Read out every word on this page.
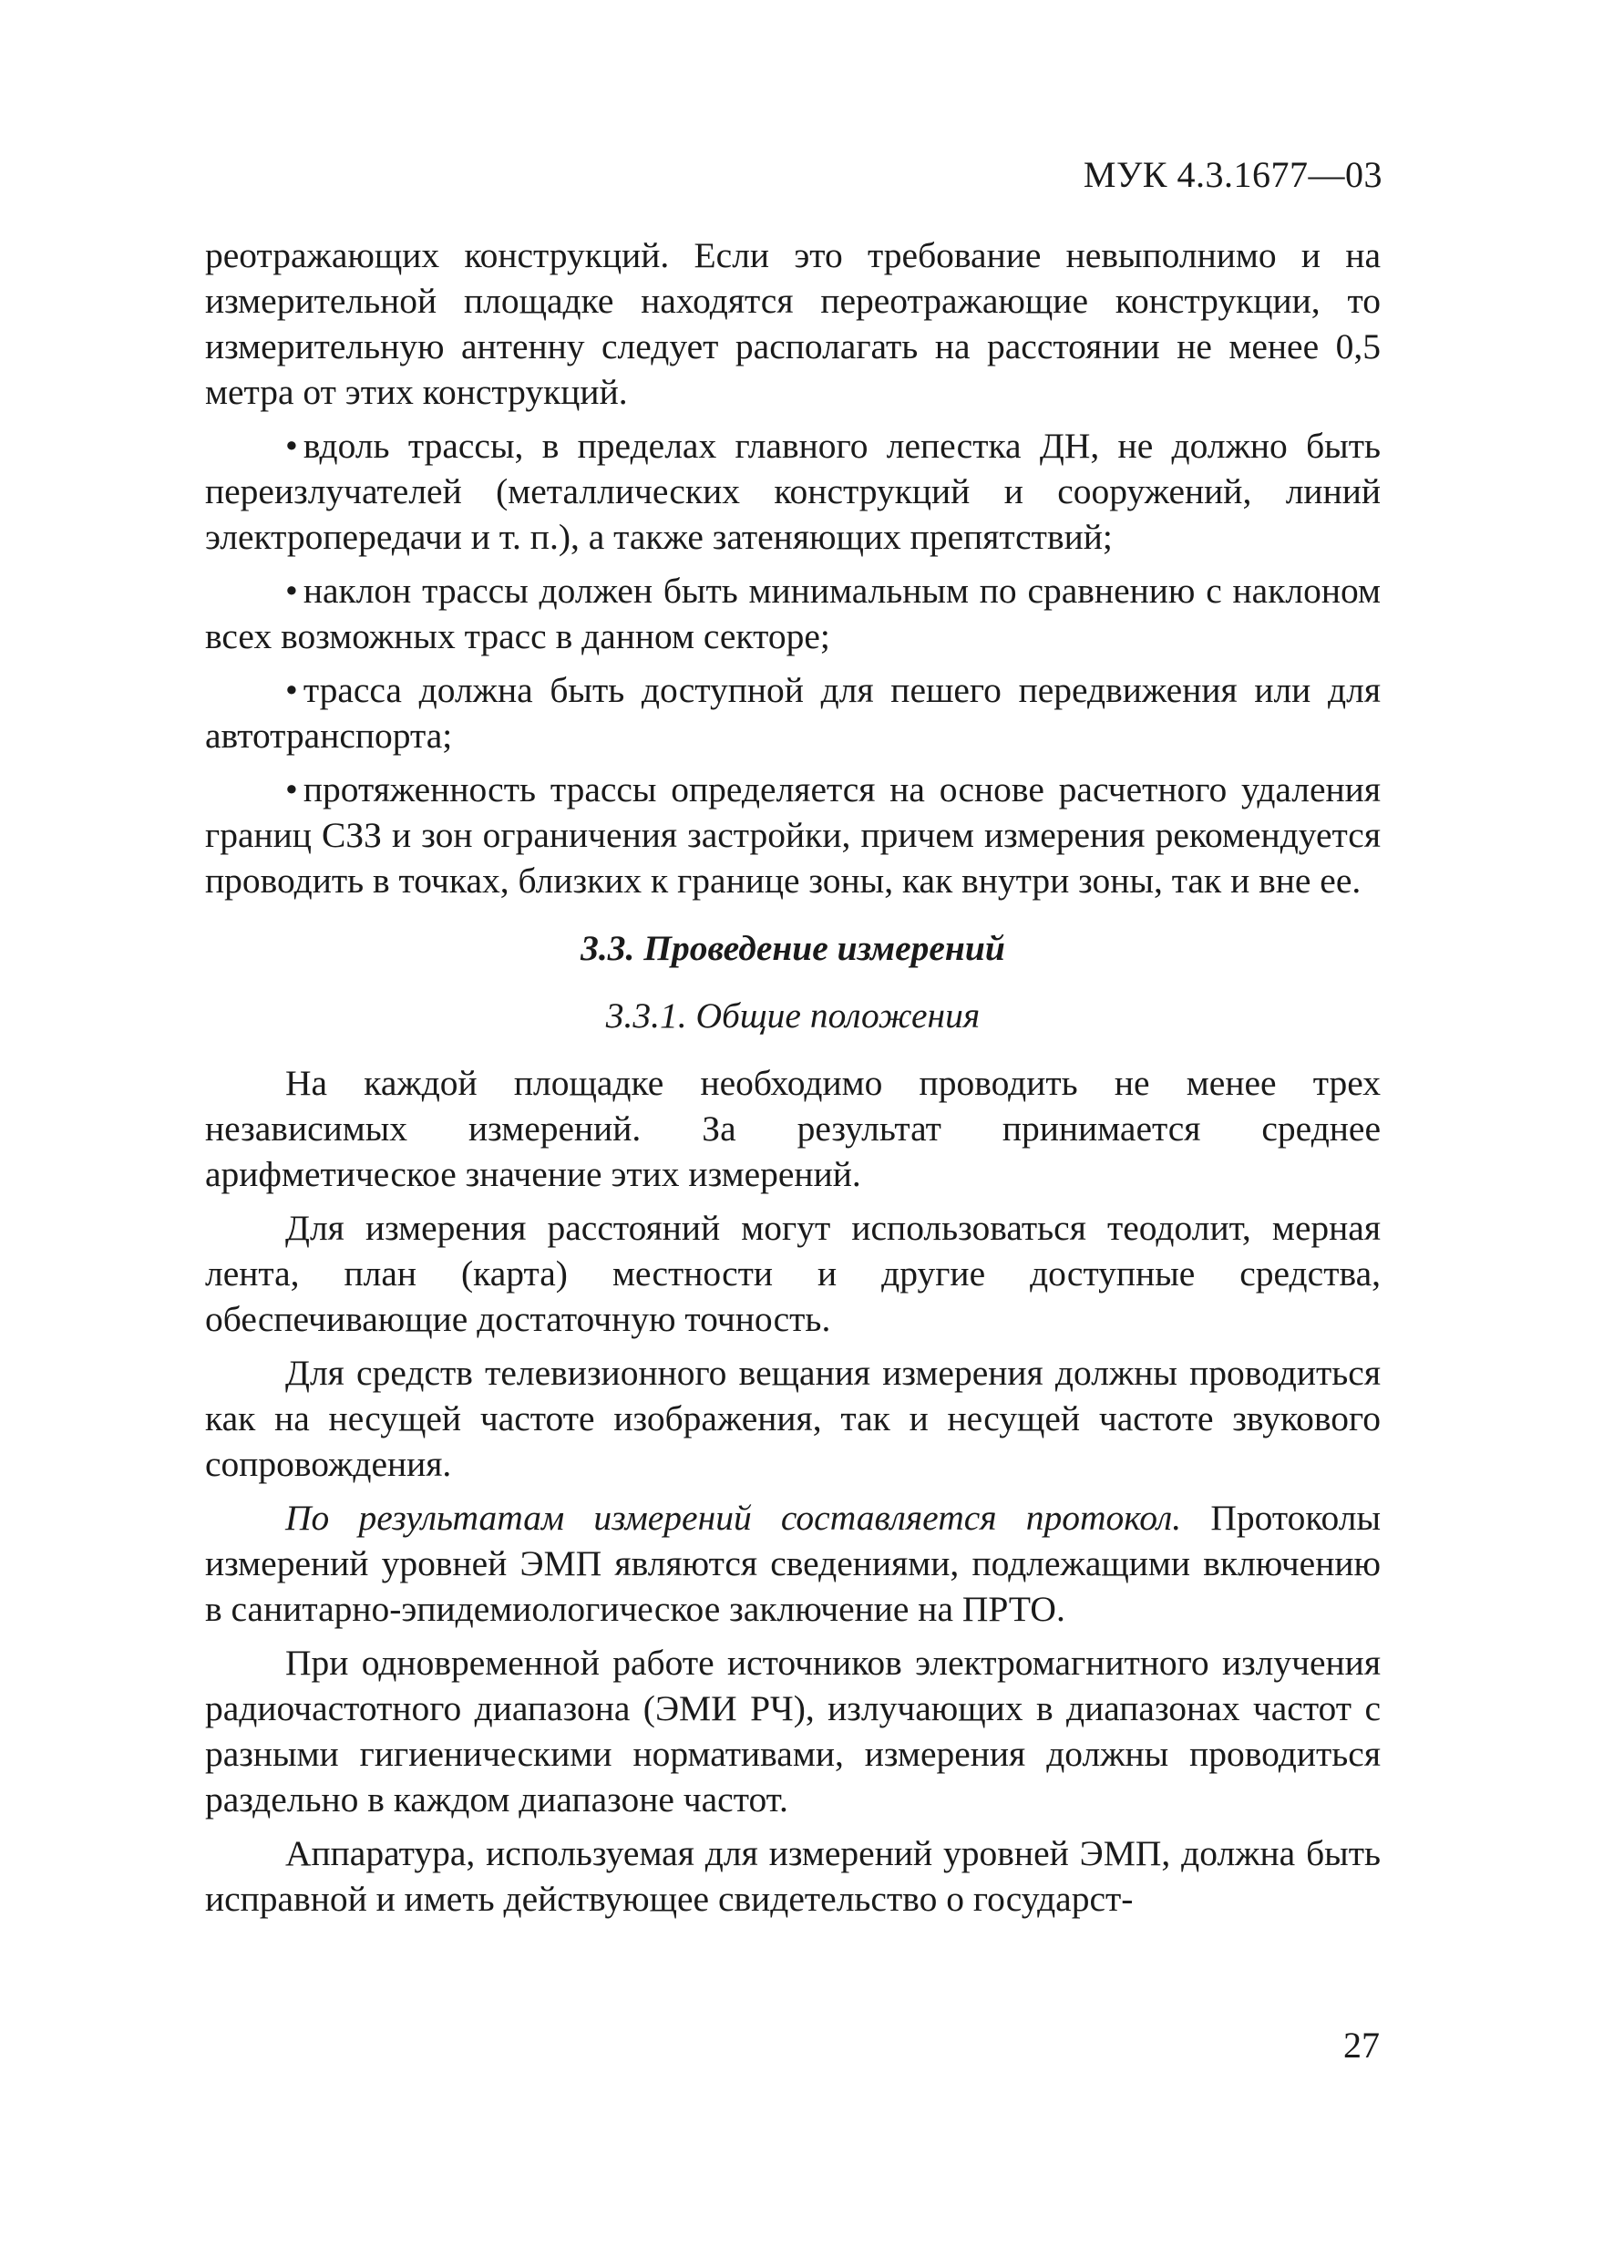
МУК 4.3.1677—03

реотражающих конструкций. Если это требование невыполнимо и на измерительной площадке находятся переотражающие конструкции, то измерительную антенну следует располагать на расстоянии не менее 0,5 метра от этих конструкций.

• вдоль трассы, в пределах главного лепестка ДН, не должно быть переизлучателей (металлических конструкций и сооружений, линий электропередачи и т. п.), а также затеняющих препятствий;

• наклон трассы должен быть минимальным по сравнению с наклоном всех возможных трасс в данном секторе;

• трасса должна быть доступной для пешего передвижения или для автотранспорта;

• протяженность трассы определяется на основе расчетного удаления границ СЗЗ и зон ограничения застройки, причем измерения рекомендуется проводить в точках, близких к границе зоны, как внутри зоны, так и вне ее.

3.3. Проведение измерений

3.3.1. Общие положения

На каждой площадке необходимо проводить не менее трех независимых измерений. За результат принимается среднее арифметическое значение этих измерений.

Для измерения расстояний могут использоваться теодолит, мерная лента, план (карта) местности и другие доступные средства, обеспечивающие достаточную точность.

Для средств телевизионного вещания измерения должны проводиться как на несущей частоте изображения, так и несущей частоте звукового сопровождения.

По результатам измерений составляется протокол. Протоколы измерений уровней ЭМП являются сведениями, подлежащими включению в санитарно-эпидемиологическое заключение на ПРТО.

При одновременной работе источников электромагнитного излучения радиочастотного диапазона (ЭМИ РЧ), излучающих в диапазонах частот с разными гигиеническими нормативами, измерения должны проводиться раздельно в каждом диапазоне частот.

Аппаратура, используемая для измерений уровней ЭМП, должна быть исправной и иметь действующее свидетельство о государст-

27
